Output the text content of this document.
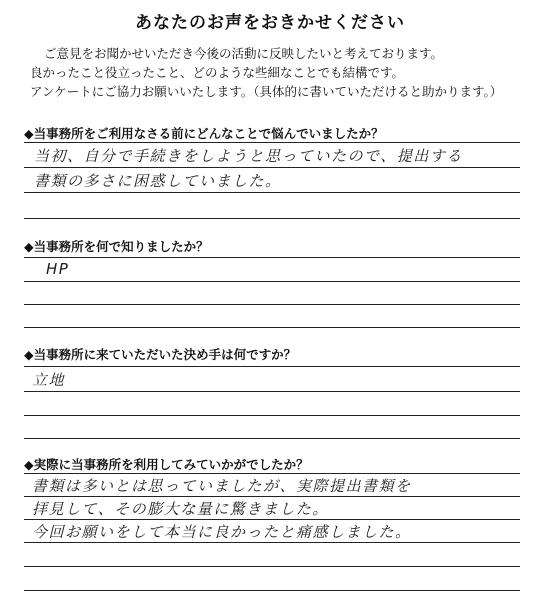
あなたのお声をおきかせください
ご意見をお聞かせいただき今後の活動に反映したいと考えております。
良かったこと役立ったこと、どのような些細なことでも結構です。
アンケートにご協力お願いいたします。（具体的に書いていただけると助かります。）
◆当事務所をご利用なさる前にどんなことで悩んでいましたか？
当初、自分で手続きをしようと思っていたので、提出する
書類の多さに困惑していました。
◆当事務所を何で知りましたか？
HP
◆当事務所に来ていただいた決め手は何ですか？
立地
◆実際に当事務所を利用してみていかがでしたか？
書類は多いとは思っていましたが、実際提出書類を
拝見して、その膨大な量に驚きました。
今回お願いをして本当に良かったと痛感しました。
